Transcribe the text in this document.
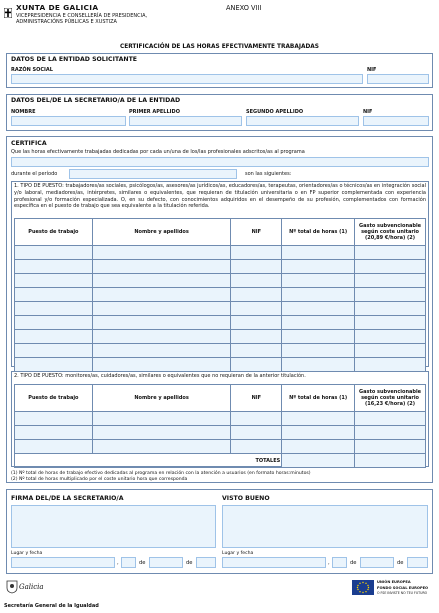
XUNTA DE GALICIA
VICEPRESIDENCIA E CONSELLERÍA DE PRESIDENCIA,
ADMINISTRACIÓNS PÚBLICAS E XUSTIZA
ANEXO VIII
CERTIFICACIÓN DE LAS HORAS EFECTIVAMENTE TRABAJADAS
DATOS DE LA ENTIDAD SOLICITANTE
RAZÓN SOCIAL	NIF
DATOS DEL/DE LA SECRETARIO/A DE LA ENTIDAD
NOMBRE	PRIMER APELLIDO	SEGUNDO APELLIDO	NIF
CERTIFICA
Que las horas efectivamente trabajadas dedicadas por cada un/una de los/las profesionales adscritos/as al programa
durante el período	son las siguientes:
1. TIPO DE PUESTO: trabajadores/as sociales, psicólogos/as, asesores/as jurídicos/as, educadores/as, terapeutas, orientadores/as o técnicos/as en integración social y/o laboral, mediadores/as, intérpretes, similares o equivalentes, que requieran de titulación universitaria o en FP superior complementada con experiencia profesional y/o formación especializada. O, en su defecto, con conocimientos adquiridos en el desempeño de su profesión, complementados con formación específica en el puesto de trabajo que sea equivalente a la titulación referida.
Puesto de trabajo	Nombre y apellidos	NIF	Nº total de horas (1)	Gasto subvencionable según coste unitario (20,89 €/hora) (2)

2. TIPO DE PUESTO: monitores/as, cuidadores/as, similares o equivalentes que no requieran de la anterior titulación.
Puesto de trabajo	Nombre y apellidos	NIF	Nº total de horas (1)	Gasto subvencionable según coste unitario (16,23 €/hora) (2)

TOTALES				
(1) Nº total de horas de trabajo efectivo dedicadas al programa en relación con la atención a usuarios (en formato horas:minutos)
(2) Nº total de horas multiplicado por el coste unitario hora que corresponda
FIRMA DEL/DE LA SECRETARIO/A	VISTO BUENO
Lugar y fecha	Lugar y fecha
,	de	de	,	de	de
Galicia
UNIÓN EUROPEA
FONDO SOCIAL EUROPEO
O FSE INVISTE NO TEU FUTURO
Secretaría General de la Igualdad
